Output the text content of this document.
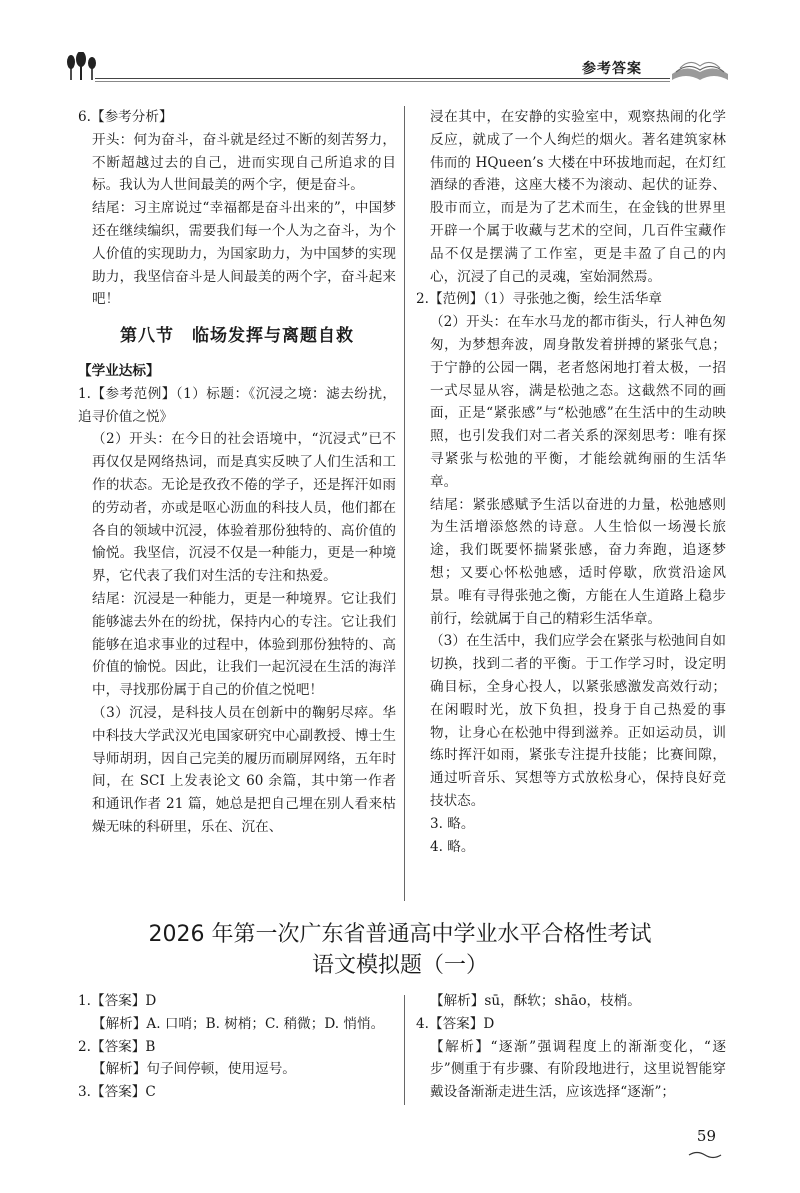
参考答案

6.【参考分析】

开头：何为奋斗，奋斗就是经过不断的刻苦努力，不断超越过去的自己，进而实现自己所追求的目标。我认为人世间最美的两个字，便是奋斗。

结尾：习主席说过“幸福都是奋斗出来的”，中国梦还在继续编织，需要我们每一个人为之奋斗，为个人价值的实现助力，为国家助力，为中国梦的实现助力，我坚信奋斗是人间最美的两个字，奋斗起来吧！

第八节　临场发挥与离题自救

【学业达标】

1.【参考范例】（1）标题：《沉浸之境：滤去纷扰，追寻价值之悦》

（2）开头：在今日的社会语境中，“沉浸式”已不再仅仅是网络热词，而是真实反映了人们生活和工作的状态。无论是孜孜不倦的学子，还是挥汗如雨的劳动者，亦或是呕心沥血的科技人员，他们都在各自的领域中沉浸，体验着那份独特的、高价值的愉悦。我坚信，沉浸不仅是一种能力，更是一种境界，它代表了我们对生活的专注和热爱。

结尾：沉浸是一种能力，更是一种境界。它让我们能够滤去外在的纷扰，保持内心的专注。它让我们能够在追求事业的过程中，体验到那份独特的、高价值的愉悦。因此，让我们一起沉浸在生活的海洋中，寻找那份属于自己的价值之悦吧！

（3）沉浸，是科技人员在创新中的鞠躬尽瘁。华中科技大学武汉光电国家研究中心副教授、博士生导师胡玥，因自己完美的履历而刷屏网络，五年时间，在 SCI 上发表论文 60 余篇，其中第一作者和通讯作者 21 篇，她总是把自己埋在别人看来枯燥无味的科研里，乐在、沉在、

浸在其中，在安静的实验室中，观察热闹的化学反应，就成了一个人绚烂的烟火。著名建筑家林伟而的 HQueen’s 大楼在中环拔地而起，在灯红酒绿的香港，这座大楼不为滚动、起伏的证券、股市而立，而是为了艺术而生，在金钱的世界里开辟一个属于收藏与艺术的空间，几百件宝藏作品不仅是摆满了工作室，更是丰盈了自己的内心，沉浸了自己的灵魂，室始洞然焉。

2.【范例】（1）寻张弛之衡，绘生活华章

（2）开头：在车水马龙的都市街头，行人神色匆匆，为梦想奔波，周身散发着拼搏的紧张气息；于宁静的公园一隅，老者悠闲地打着太极，一招一式尽显从容，满是松弛之态。这截然不同的画面，正是“紧张感”与“松弛感”在生活中的生动映照，也引发我们对二者关系的深刻思考：唯有探寻紧张与松弛的平衡，才能绘就绚丽的生活华章。

结尾：紧张感赋予生活以奋进的力量，松弛感则为生活增添悠然的诗意。人生恰似一场漫长旅途，我们既要怀揣紧张感，奋力奔跑，追逐梦想；又要心怀松弛感，适时停歇，欣赏沿途风景。唯有寻得张弛之衡，方能在人生道路上稳步前行，绘就属于自己的精彩生活华章。

（3）在生活中，我们应学会在紧张与松弛间自如切换，找到二者的平衡。于工作学习时，设定明确目标，全身心投人，以紧张感激发高效行动；在闲暇时光，放下负担，投身于自己热爱的事物，让身心在松弛中得到滋养。正如运动员，训练时挥汗如雨，紧张专注提升技能；比赛间隙，通过听音乐、冥想等方式放松身心，保持良好竞技状态。

3. 略。

4. 略。

2026 年第一次广东省普通高中学业水平合格性考试
语文模拟题（一）

1.【答案】D

【解析】A. 口哨；B. 树梢；C. 稍微；D. 悄悄。

2.【答案】B

【解析】句子间停顿，使用逗号。

3.【答案】C

【解析】sū，酥软；shāo，枝梢。

4.【答案】D

【解析】“逐渐”强调程度上的渐渐变化，“逐步”侧重于有步骤、有阶段地进行，这里说智能穿戴设备渐渐走进生活，应该选择“逐渐”；

59
